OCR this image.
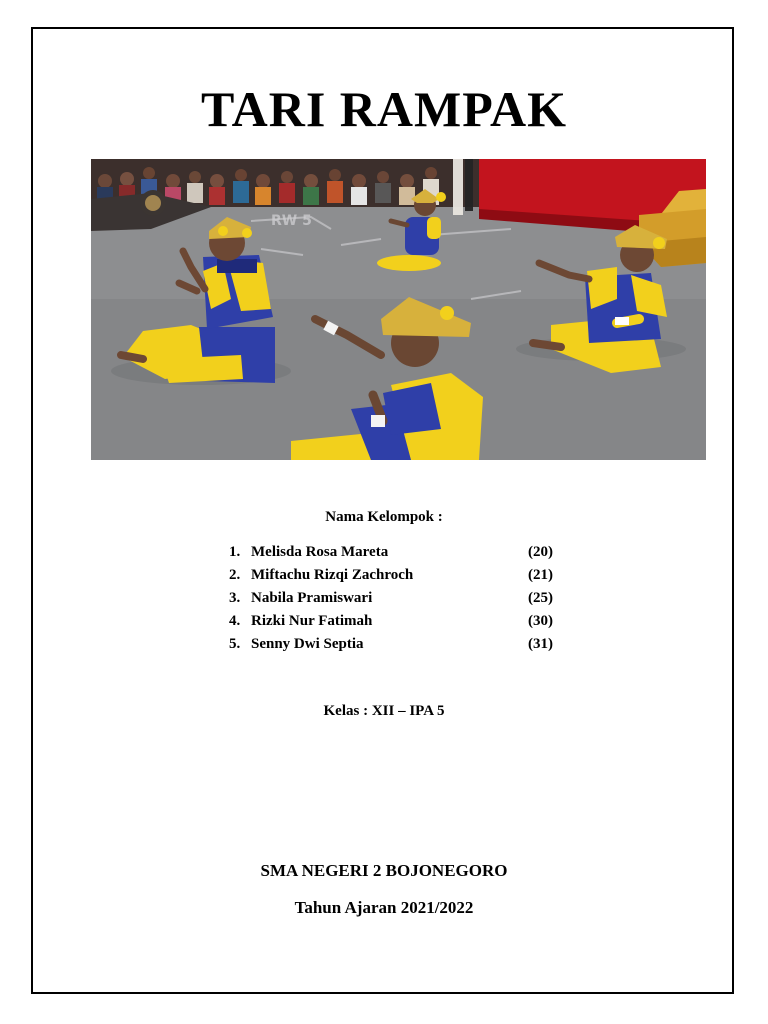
TARI RAMPAK
RW 5
Nama Kelompok :
1. Melisda Rosa Mareta	(20)
2. Miftachu Rizqi Zachroch	(21)
3. Nabila Pramiswari	(25)
4. Rizki Nur Fatimah	(30)
5. Senny Dwi Septia	(31)
Kelas : XII – IPA 5
SMA NEGERI 2 BOJONEGORO
Tahun Ajaran 2021/2022
